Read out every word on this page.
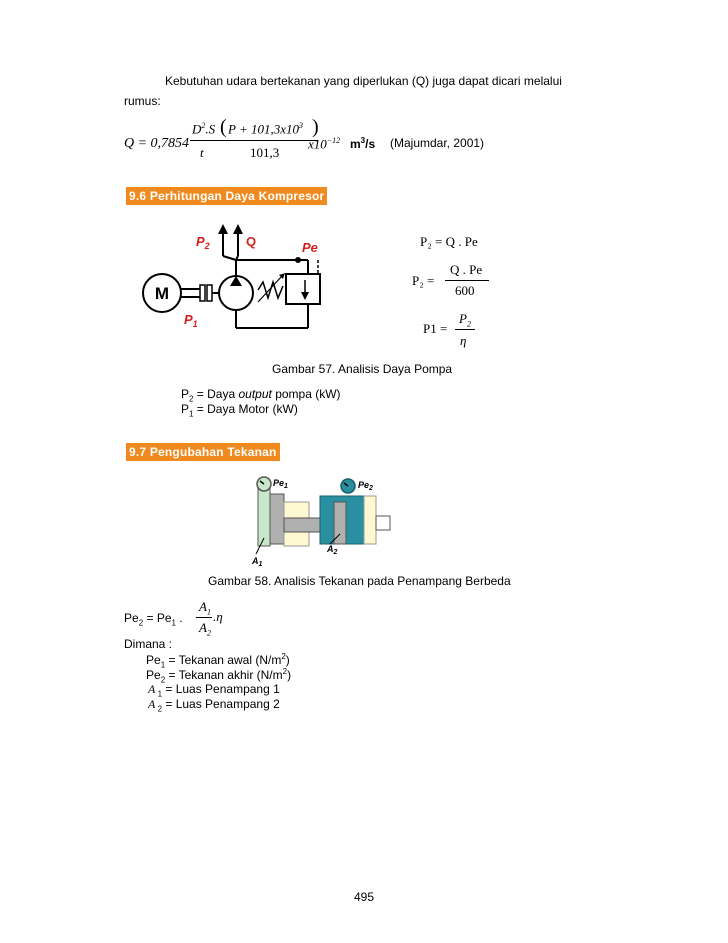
Kebutuhan udara bertekanan yang diperlukan (Q) juga dapat dicari melalui
rumus:
Q = 0,7854
$D^2.S$ ( $P + 101,3x10^3$ )
t	101,3
$x10^{-12}$ $m^3/s$ (Majumdar, 2001)
9.6 Perhitungan Daya Kompresor
M
$P_2$	Q	Pe
$P_1$
P₂ = Q . Pe
P₂ =
Q . Pe
600
P1 =
$P_2$
η
Gambar 57. Analisis Daya Pompa
$P_2$ = Daya output pompa (kW)
$P_1$ = Daya Motor (kW)
9.7 Pengubahan Tekanan
$Pe_1$	$Pe_2$
$A_1$
$A_2$
Gambar 58. Analisis Tekanan pada Penampang Berbeda
$Pe_2 = Pe_1$ .
$A_1$
$A_2$
.η
Dimana :
$Pe_1$ = Tekanan awal $(N/m^2)$
$Pe_2$ = Tekanan akhir $(N/m^2)$
A $_1$ = Luas Penampang 1
A $_2$ = Luas Penampang 2
495
